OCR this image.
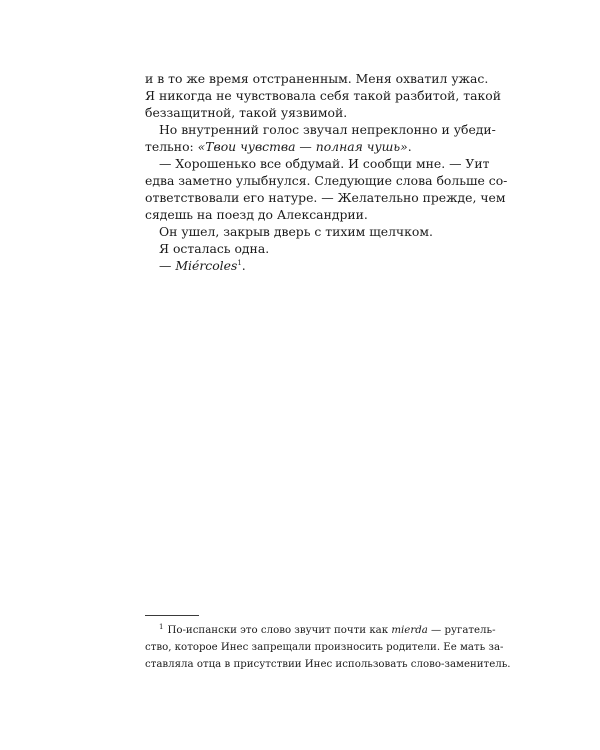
и в то же время отстраненным. Меня охватил ужас.
Я никогда не чувствовала себя такой разбитой, такой
беззащитной, такой уязвимой.
Но внутренний голос звучал непреклонно и убеди-
тельно: «Твои чувства — полная чушь».
— Хорошенько все обдумай. И сообщи мне. — Уит
едва заметно улыбнулся. Следующие слова больше со-
ответствовали его натуре. — Желательно прежде, чем
сядешь на поезд до Александрии.
Он ушел, закрыв дверь с тихим щелчком.
Я осталась одна.
— Miércoles$^1$.
$^1$ По-испански это слово звучит почти как mierda — ругатель-
ство, которое Инес запрещали произносить родители. Ее мать за-
ставляла отца в присутствии Инес использовать слово-заменитель.
